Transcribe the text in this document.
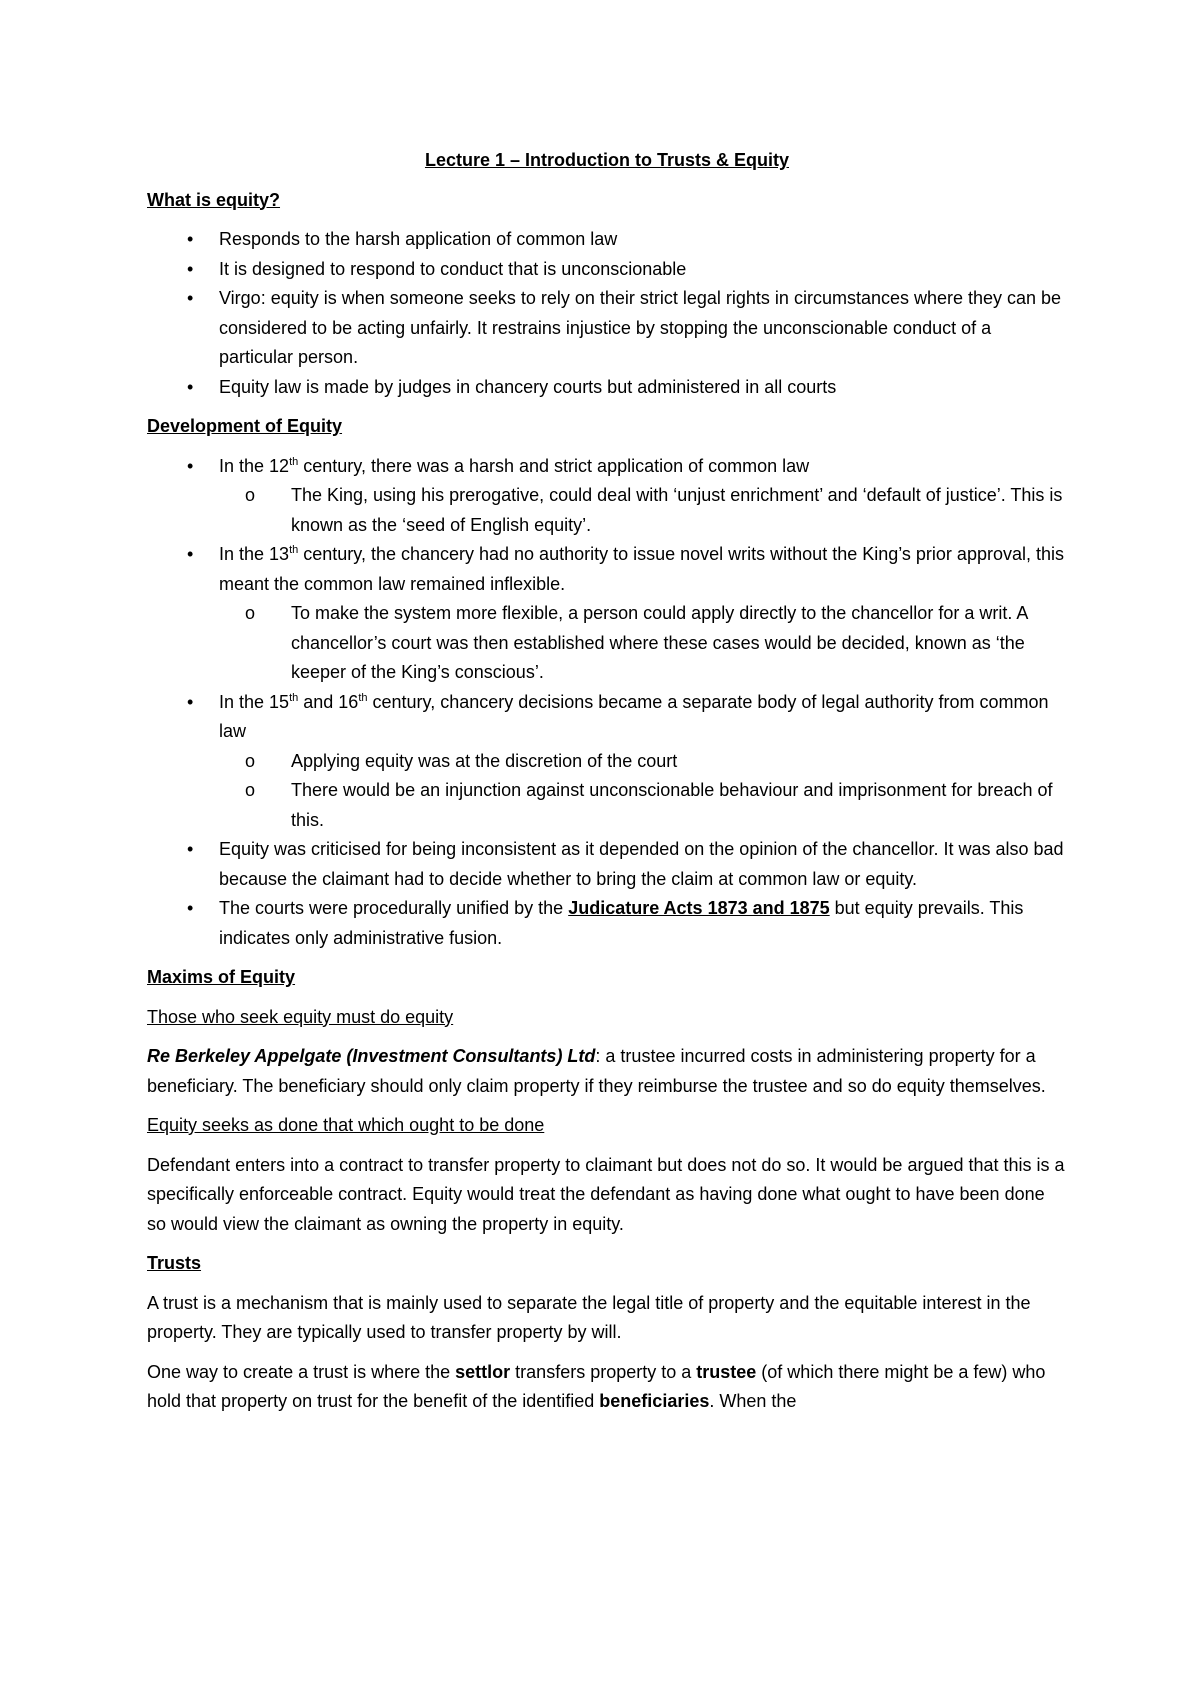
Lecture 1 – Introduction to Trusts & Equity
What is equity?
• Responds to the harsh application of common law
• It is designed to respond to conduct that is unconscionable
• Virgo: equity is when someone seeks to rely on their strict legal rights in circumstances where they can be considered to be acting unfairly. It restrains injustice by stopping the unconscionable conduct of a particular person.
• Equity law is made by judges in chancery courts but administered in all courts
Development of Equity
• In the 12th century, there was a harsh and strict application of common law
o The King, using his prerogative, could deal with ‘unjust enrichment’ and ‘default of justice’. This is known as the ‘seed of English equity’.
• In the 13th century, the chancery had no authority to issue novel writs without the King’s prior approval, this meant the common law remained inflexible.
o To make the system more flexible, a person could apply directly to the chancellor for a writ. A chancellor’s court was then established where these cases would be decided, known as ‘the keeper of the King’s conscious’.
• In the 15th and 16th century, chancery decisions became a separate body of legal authority from common law
o Applying equity was at the discretion of the court
o There would be an injunction against unconscionable behaviour and imprisonment for breach of this.
• Equity was criticised for being inconsistent as it depended on the opinion of the chancellor. It was also bad because the claimant had to decide whether to bring the claim at common law or equity.
• The courts were procedurally unified by the Judicature Acts 1873 and 1875 but equity prevails. This indicates only administrative fusion.
Maxims of Equity
Those who seek equity must do equity

Re Berkeley Appelgate (Investment Consultants) Ltd: a trustee incurred costs in administering property for a beneficiary. The beneficiary should only claim property if they reimburse the trustee and so do equity themselves.

Equity seeks as done that which ought to be done

Defendant enters into a contract to transfer property to claimant but does not do so. It would be argued that this is a specifically enforceable contract. Equity would treat the defendant as having done what ought to have been done so would view the claimant as owning the property in equity.

Trusts

A trust is a mechanism that is mainly used to separate the legal title of property and the equitable interest in the property. They are typically used to transfer property by will.

One way to create a trust is where the settlor transfers property to a trustee (of which there might be a few) who hold that property on trust for the benefit of the identified beneficiaries. When the
